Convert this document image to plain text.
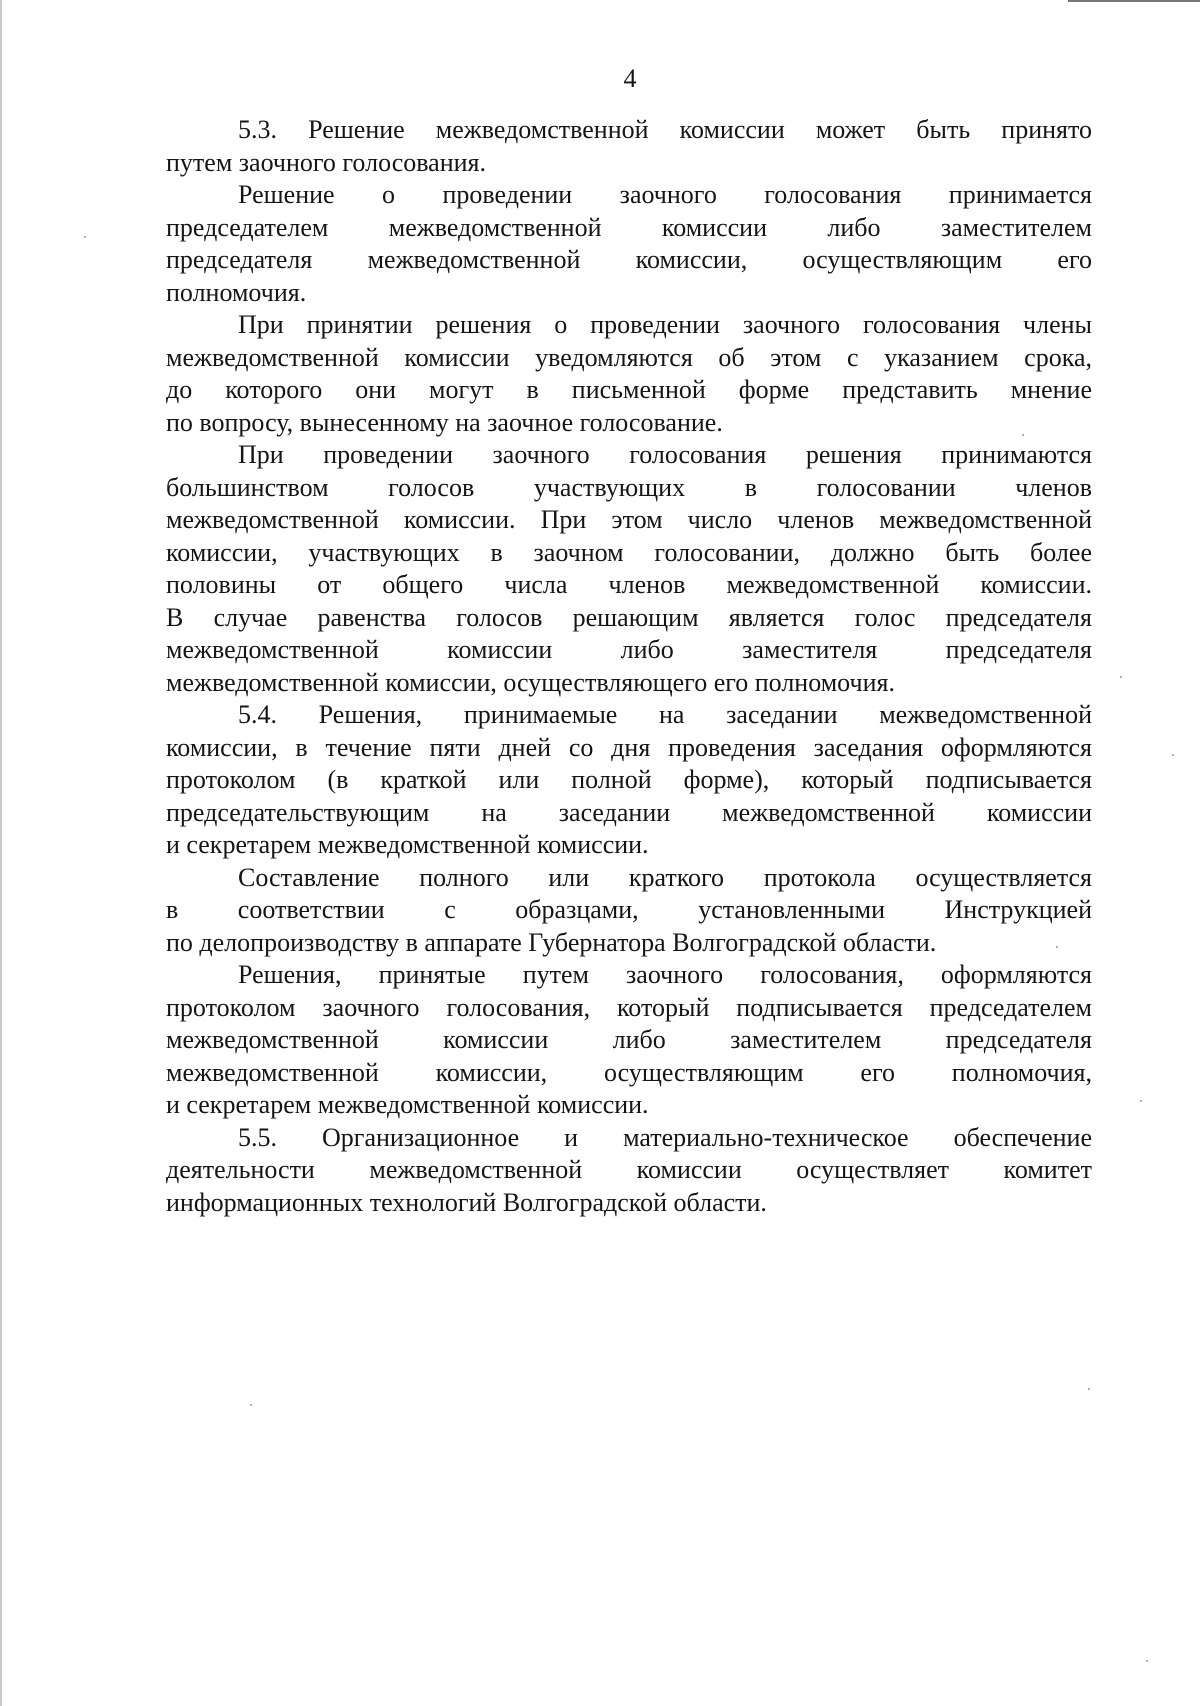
4
5.3. Решение межведомственной комиссии может быть принято
путем заочного голосования.
Решение о проведении заочного голосования принимается
председателем межведомственной комиссии либо заместителем
председателя межведомственной комиссии, осуществляющим его
полномочия.
При принятии решения о проведении заочного голосования члены
межведомственной комиссии уведомляются об этом с указанием срока,
до которого они могут в письменной форме представить мнение
по вопросу, вынесенному на заочное голосование.
При проведении заочного голосования решения принимаются
большинством голосов участвующих в голосовании членов
межведомственной комиссии. При этом число членов межведомственной
комиссии, участвующих в заочном голосовании, должно быть более
половины от общего числа членов межведомственной комиссии.
В случае равенства голосов решающим является голос председателя
межведомственной комиссии либо заместителя председателя
межведомственной комиссии, осуществляющего его полномочия.
5.4. Решения, принимаемые на заседании межведомственной
комиссии, в течение пяти дней со дня проведения заседания оформляются
протоколом (в краткой или полной форме), который подписывается
председательствующим на заседании межведомственной комиссии
и секретарем межведомственной комиссии.
Составление полного или краткого протокола осуществляется
в соответствии с образцами, установленными Инструкцией
по делопроизводству в аппарате Губернатора Волгоградской области.
Решения, принятые путем заочного голосования, оформляются
протоколом заочного голосования, который подписывается председателем
межведомственной комиссии либо заместителем председателя
межведомственной комиссии, осуществляющим его полномочия,
и секретарем межведомственной комиссии.
5.5. Организационное и материально-техническое обеспечение
деятельности межведомственной комиссии осуществляет комитет
информационных технологий Волгоградской области.
